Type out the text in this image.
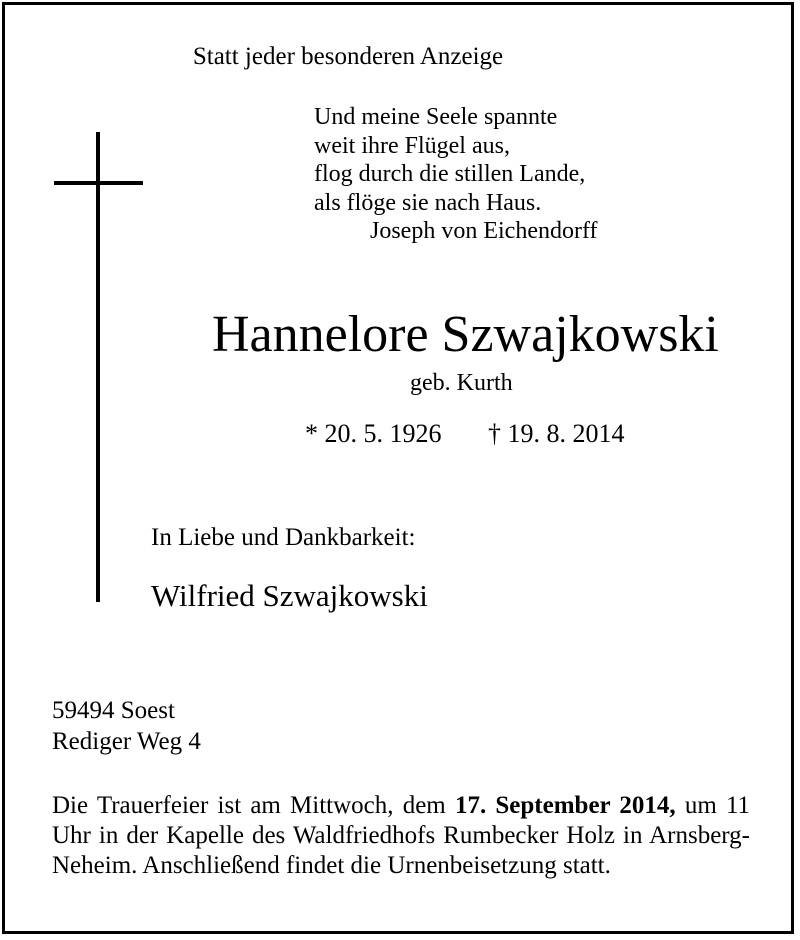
Statt jeder besonderen Anzeige
Und meine Seele spannte
weit ihre Flügel aus,
flog durch die stillen Lande,
als flöge sie nach Haus.
Joseph von Eichendorff
Hannelore Szwajkowski
geb. Kurth
* 20. 5. 1926 † 19. 8. 2014
In Liebe und Dankbarkeit:
Wilfried Szwajkowski
59494 Soest
Rediger Weg 4
Die Trauerfeier ist am Mittwoch, dem 17. September 2014, um 11 Uhr in der Kapelle des Waldfriedhofs Rumbecker Holz in Arnsberg-Neheim. Anschließend findet die Urnenbeisetzung statt.
